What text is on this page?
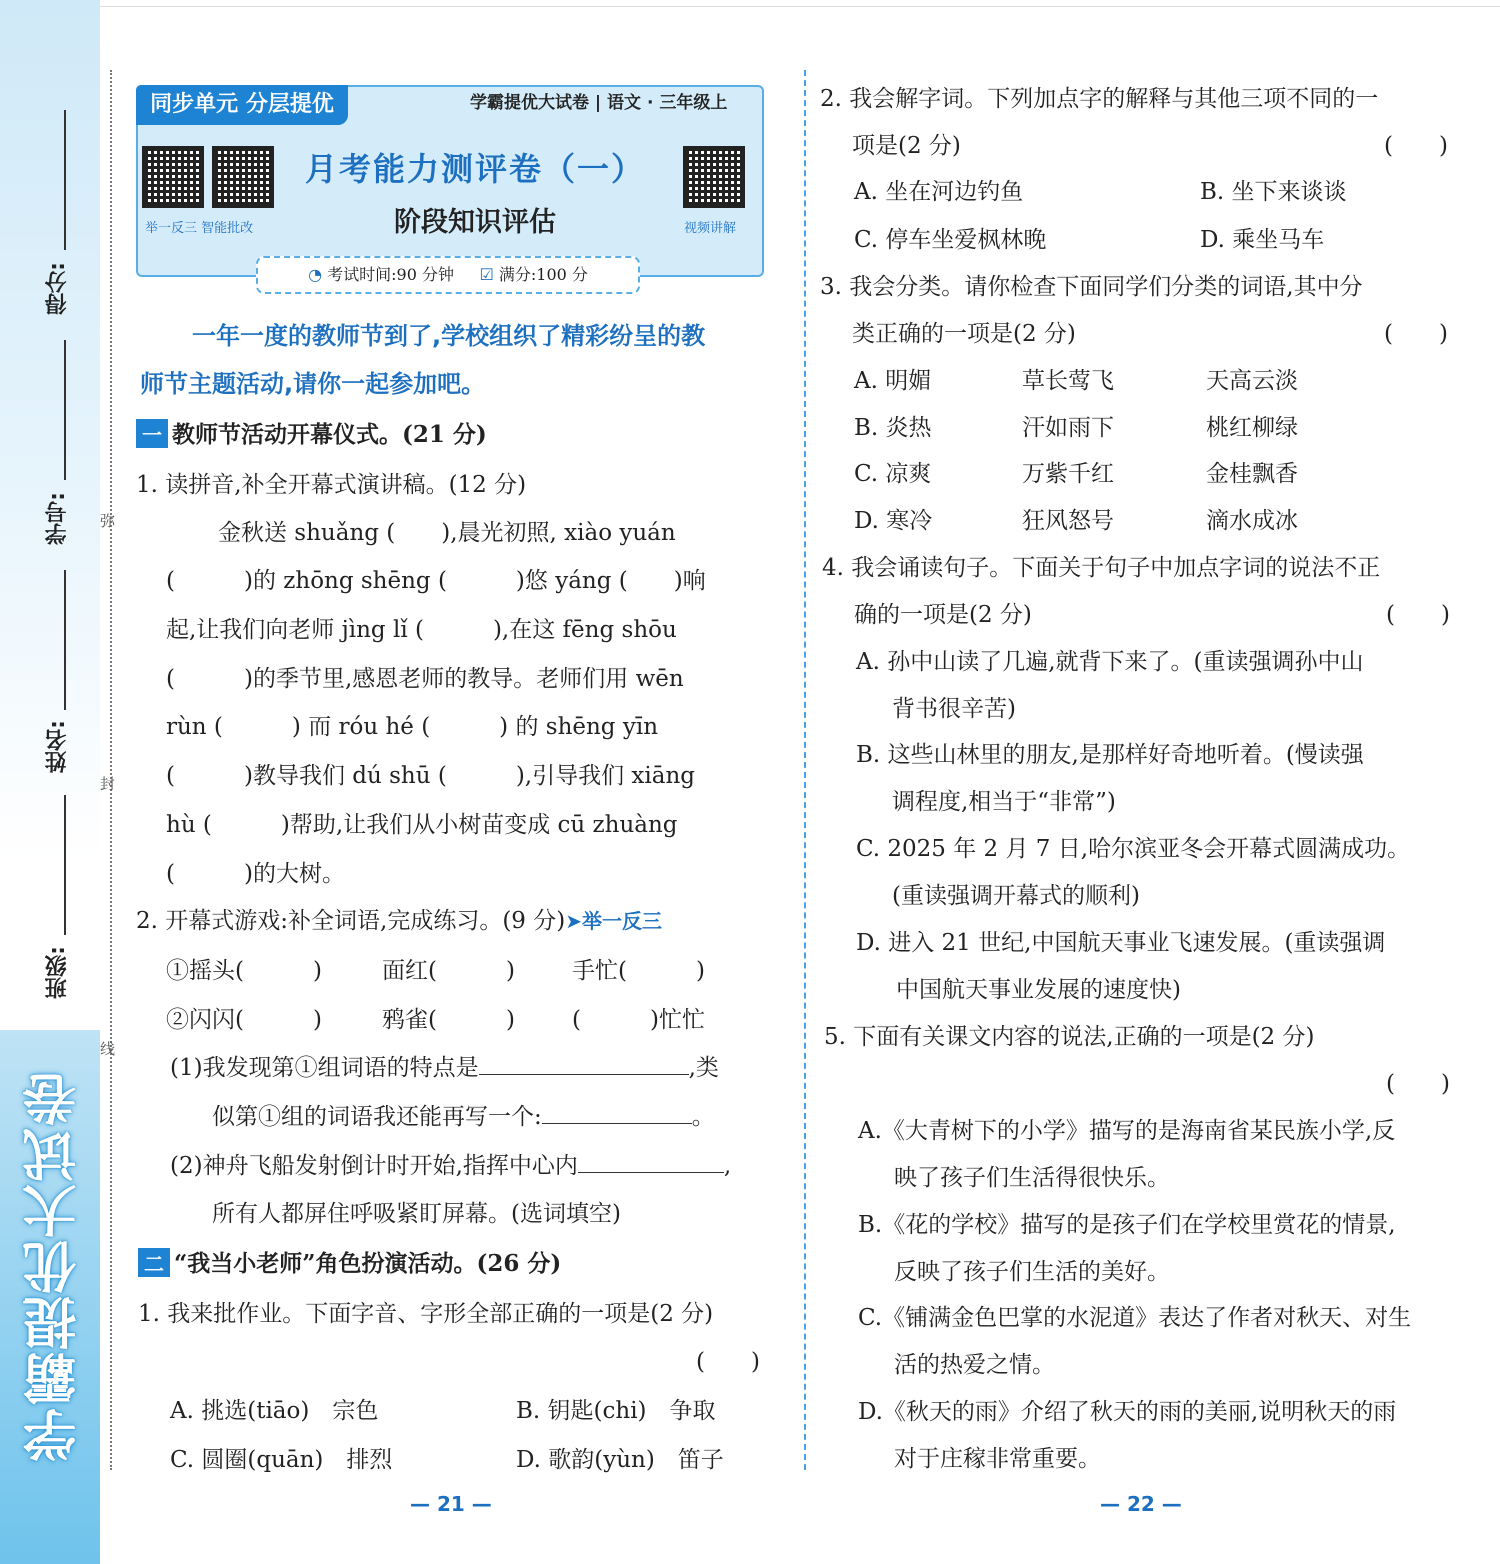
学霸提优大试卷
得分:
学号:
姓名:
班级:
弥
封
线
同步单元 分层提优	学霸提优大试卷 | 语文 · 三年级上
举一反三 智能批改	视频讲解
月考能力测评卷（一）
阶段知识评估
◔ 考试时间:90 分钟 ☑ 满分:100 分
一年一度的教师节到了,学校组织了精彩纷呈的教
师节主题活动,请你一起参加吧。
一 教师节活动开幕仪式。(21 分)
1. 读拼音,补全开幕式演讲稿。(12 分)
金秋送 shuǎng (　　),晨光初照, xiào yuán
(　　　)的 zhōng shēng (　　　)悠 yáng (　　)响
起,让我们向老师 jìng lǐ (　　　),在这 fēng shōu
(　　　)的季节里,感恩老师的教导。老师们用 wēn
rùn (　　　) 而 róu hé (　　　) 的 shēng yīn
(　　　)教导我们 dú shū (　　　),引导我们 xiāng
hù (　　　)帮助,让我们从小树苗变成 cū zhuàng
(　　　)的大树。
2. 开幕式游戏:补全词语,完成练习。(9 分)➤举一反三
①摇头(　　　)	面红(　　　) 手忙(　　　)
②闪闪(　　　)	鸦雀(　　　) (　　　)忙忙
(1)我发现第①组词语的特点是	,类
似第①组的词语我还能再写一个:	。
(2)神舟飞船发射倒计时开始,指挥中心内	,
所有人都屏住呼吸紧盯屏幕。(选词填空)
二 “我当小老师”角色扮演活动。(26 分)
1. 我来批作业。下面字音、字形全部正确的一项是(2 分)
(　　)
A. 挑选(tiāo)　宗色	B. 钥匙(chi)　争取
C. 圆圈(quān)　排烈	D. 歌韵(yùn)　笛子
2. 我会解字词。下列加点字的解释与其他三项不同的一
项是(2 分)	(　　)
A. 坐在河边钓鱼	B. 坐下来谈谈
C. 停车坐爱枫林晚	D. 乘坐马车
3. 我会分类。请你检查下面同学们分类的词语,其中分
类正确的一项是(2 分)	(　　)
A. 明媚	草长莺飞	天高云淡
B. 炎热	汗如雨下	桃红柳绿
C. 凉爽	万紫千红	金桂飘香
D. 寒冷	狂风怒号	滴水成冰
4. 我会诵读句子。下面关于句子中加点字词的说法不正
确的一项是(2 分)	(　　)
A. 孙中山读了几遍,就背下来了。(重读强调孙中山
背书很辛苦)
B. 这些山林里的朋友,是那样好奇地听着。(慢读强
调程度,相当于“非常”)
C. 2025 年 2 月 7 日,哈尔滨亚冬会开幕式圆满成功。
(重读强调开幕式的顺利)
D. 进入 21 世纪,中国航天事业飞速发展。(重读强调
中国航天事业发展的速度快)
5. 下面有关课文内容的说法,正确的一项是(2 分)
(　　)
A.《大青树下的小学》描写的是海南省某民族小学,反
映了孩子们生活得很快乐。
B.《花的学校》描写的是孩子们在学校里赏花的情景,
反映了孩子们生活的美好。
C.《铺满金色巴掌的水泥道》表达了作者对秋天、对生
活的热爱之情。
D.《秋天的雨》介绍了秋天的雨的美丽,说明秋天的雨
对于庄稼非常重要。
— 21 —	— 22 —
